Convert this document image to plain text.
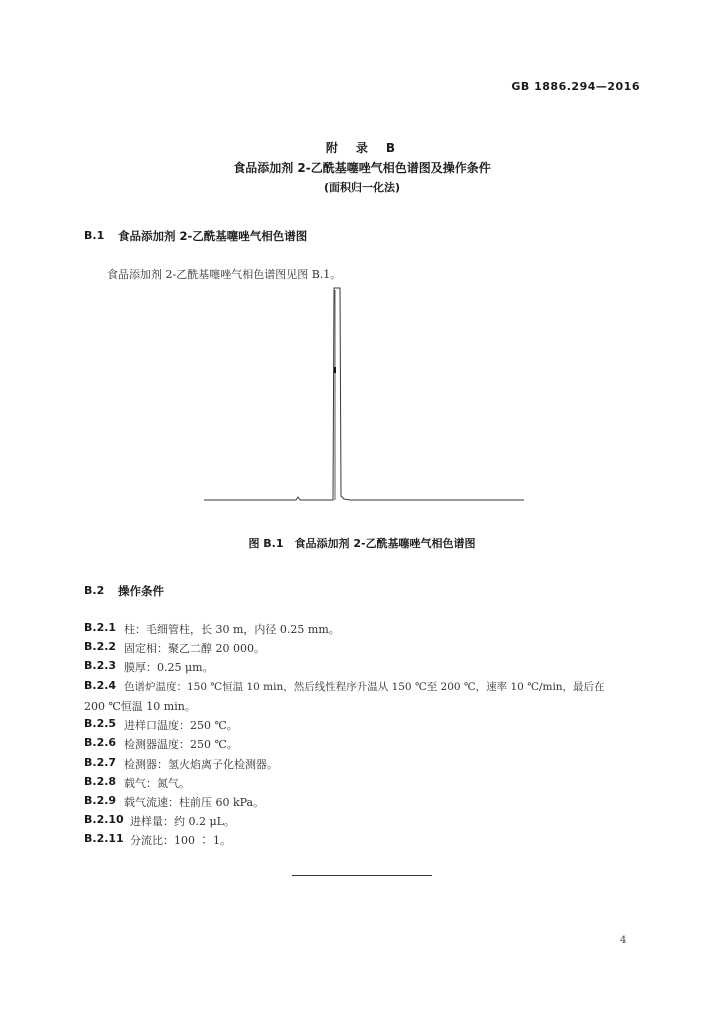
GB 1886.294—2016
附　录　B
食品添加剂 2-乙酰基噻唑气相色谱图及操作条件
(面积归一化法)
B.1 食品添加剂 2-乙酰基噻唑气相色谱图
食品添加剂 2-乙酰基噻唑气相色谱图见图 B.1。
图 B.1　食品添加剂 2-乙酰基噻唑气相色谱图
B.2 操作条件
B.2.1 柱：毛细管柱，长 30 m，内径 0.25 mm。
B.2.2 固定相：聚乙二醇 20 000。
B.2.3 膜厚：0.25 μm。
B.2.4 色谱炉温度：150 ℃恒温 10 min，然后线性程序升温从 150 ℃至 200 ℃，速率 10 ℃/min，最后在
200 ℃恒温 10 min。
B.2.5 进样口温度：250 ℃。
B.2.6 检测器温度：250 ℃。
B.2.7 检测器：氢火焰离子化检测器。
B.2.8 载气：氮气。
B.2.9 载气流速：柱前压 60 kPa。
B.2.10 进样量：约 0.2 μL。
B.2.11 分流比：100 ∶ 1。
4
